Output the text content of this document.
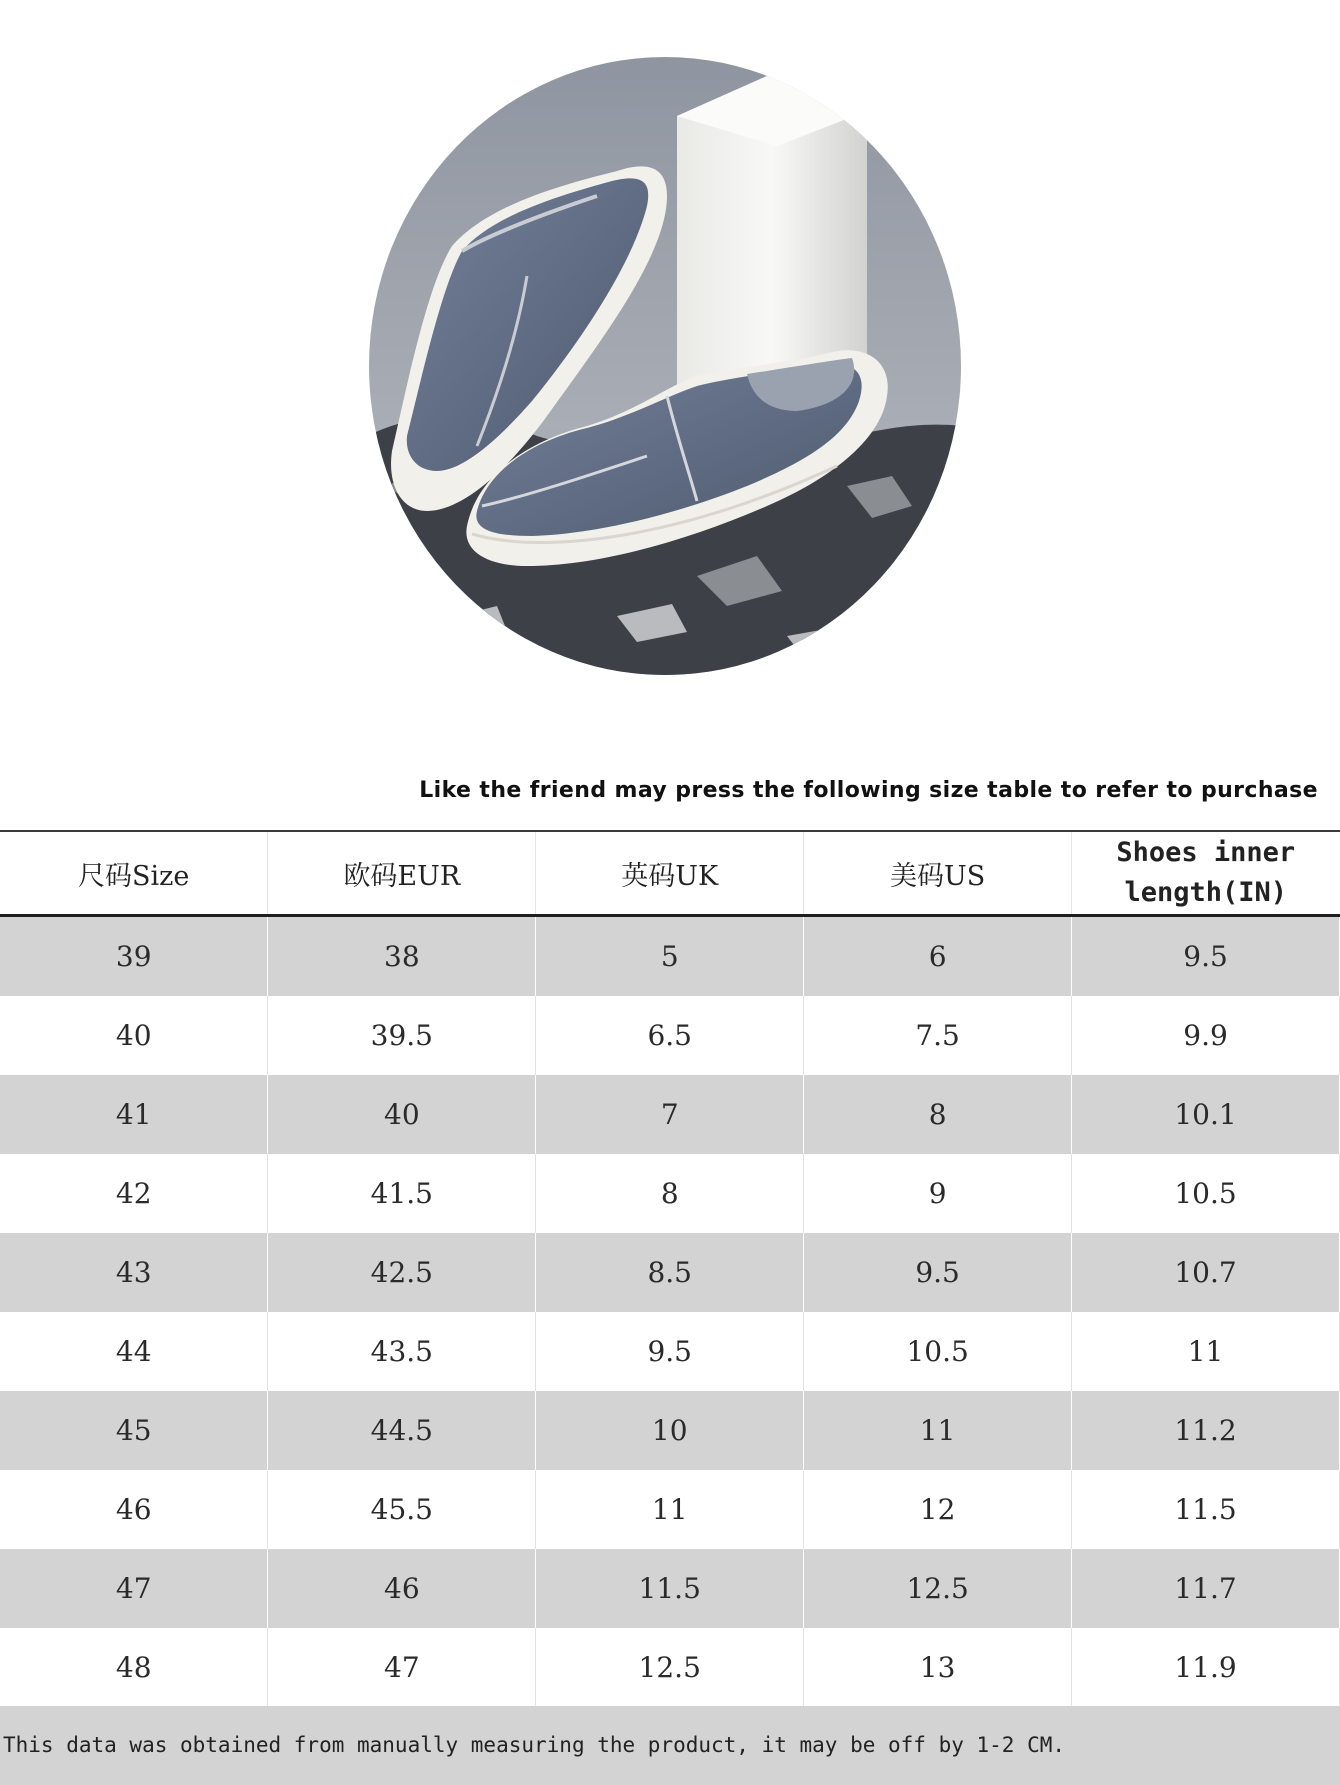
Like the friend may press the following size table to refer to purchase
尺码Size	欧码EUR	英码UK	美码US	Shoes inner
length(IN)

39	38	5	6	9.5
40	39.5	6.5	7.5	9.9
41	40	7	8	10.1
42	41.5	8	9	10.5
43	42.5	8.5	9.5	10.7
44	43.5	9.5	10.5	11
45	44.5	10	11	11.2
46	45.5	11	12	11.5
47	46	11.5	12.5	11.7
48	47	12.5	13	11.9
This data was obtained from manually measuring the product, it may be off by 1-2 CM.
